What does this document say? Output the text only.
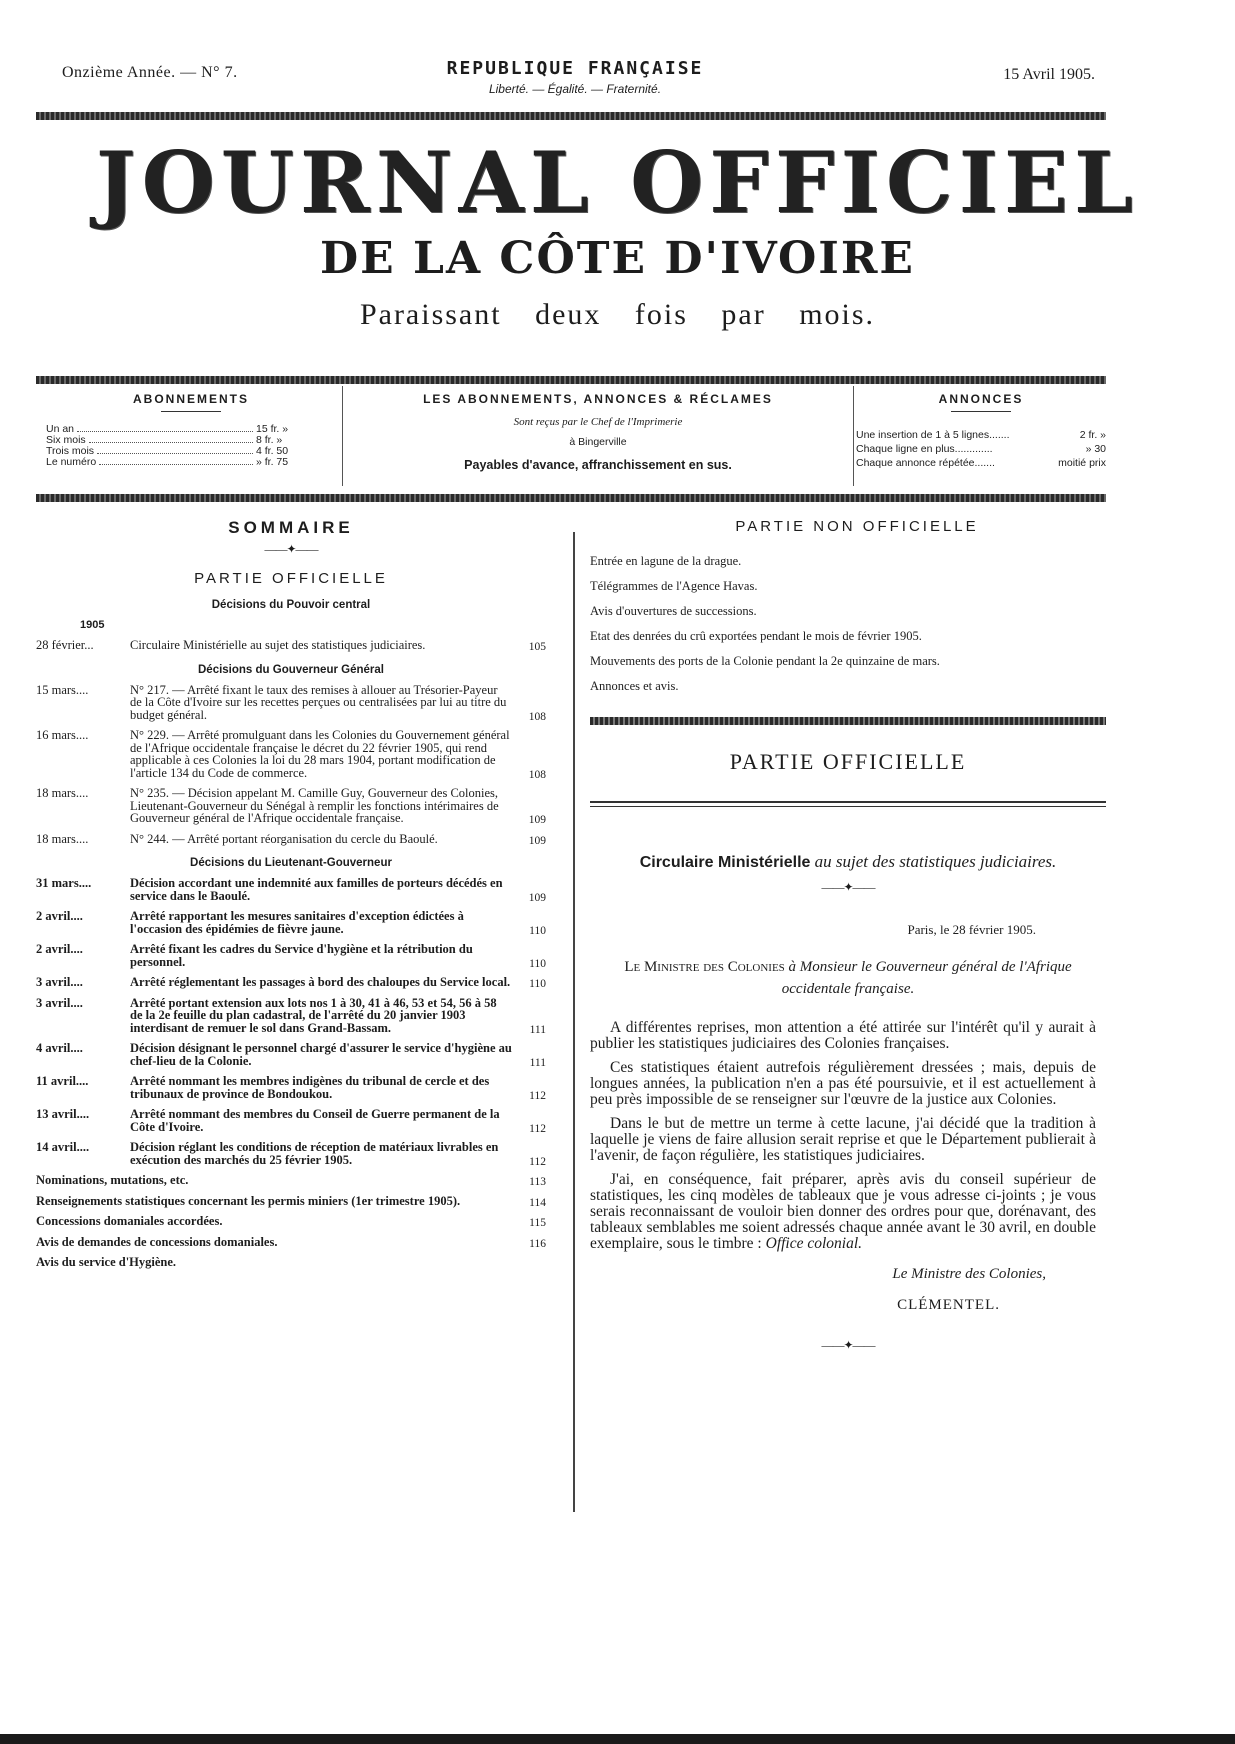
Onzième Année. — N° 7.	REPUBLIQUE FRANÇAISE
Liberté. — Égalité. — Fraternité.
15 Avril 1905.
JOURNAL OFFICIEL
DE LA CÔTE D'IVOIRE
Paraissant deux fois par mois.
ABONNEMENTS
Un an	15 fr. »
Six mois	8 fr. »
Trois mois	4 fr. 50
Le numéro	» fr. 75
LES ABONNEMENTS, ANNONCES & RÉCLAMES
Sont reçus par le Chef de l'Imprimerie
à Bingerville
Payables d'avance, affranchissement en sus.
ANNONCES
Une insertion de 1 à 5 lignes.......	2 fr. »
Chaque ligne en plus.............	» 30
Chaque annonce répétée.......	moitié prix
SOMMAIRE
——✦——
PARTIE OFFICIELLE
Décisions du Pouvoir central
1905
28 février...	Circulaire Ministérielle au sujet des statistiques judiciaires.	105
Décisions du Gouverneur Général
15 mars....	N° 217. — Arrêté fixant le taux des remises à allouer au Trésorier-Payeur de la Côte d'Ivoire sur les recettes perçues ou centralisées par lui au titre du budget général.	108
16 mars....	N° 229. — Arrêté promulguant dans les Colonies du Gouvernement général de l'Afrique occidentale française le décret du 22 février 1905, qui rend applicable à ces Colonies la loi du 28 mars 1904, portant modification de l'article 134 du Code de commerce.	108
18 mars....	N° 235. — Décision appelant M. Camille Guy, Gouverneur des Colonies, Lieutenant-Gouverneur du Sénégal à remplir les fonctions intérimaires de Gouverneur général de l'Afrique occidentale française.	109
18 mars....	N° 244. — Arrêté portant réorganisation du cercle du Baoulé.	109
Décisions du Lieutenant-Gouverneur
31 mars....	Décision accordant une indemnité aux familles de porteurs décédés en service dans le Baoulé.	109
2 avril....	Arrêté rapportant les mesures sanitaires d'exception édictées à l'occasion des épidémies de fièvre jaune.	110
2 avril....	Arrêté fixant les cadres du Service d'hygiène et la rétribution du personnel.	110
3 avril....	Arrêté réglementant les passages à bord des chaloupes du Service local.	110
3 avril....	Arrêté portant extension aux lots nos 1 à 30, 41 à 46, 53 et 54, 56 à 58 de la 2e feuille du plan cadastral, de l'arrêté du 20 janvier 1903 interdisant de remuer le sol dans Grand-Bassam.	111
4 avril....	Décision désignant le personnel chargé d'assurer le service d'hygiène au chef-lieu de la Colonie.	111
11 avril....	Arrêté nommant les membres indigènes du tribunal de cercle et des tribunaux de province de Bondoukou.	112
13 avril....	Arrêté nommant des membres du Conseil de Guerre permanent de la Côte d'Ivoire.	112
14 avril....	Décision réglant les conditions de réception de matériaux livrables en exécution des marchés du 25 février 1905.	112
Nominations, mutations, etc.	113
Renseignements statistiques concernant les permis miniers (1er trimestre 1905).	114
Concessions domaniales accordées.	115
Avis de demandes de concessions domaniales.	116
Avis du service d'Hygiène.
PARTIE NON OFFICIELLE
Entrée en lagune de la drague.
Télégrammes de l'Agence Havas.
Avis d'ouvertures de successions.
Etat des denrées du crû exportées pendant le mois de février 1905.
Mouvements des ports de la Colonie pendant la 2e quinzaine de mars.
Annonces et avis.
PARTIE OFFICIELLE
Circulaire Ministérielle au sujet des statistiques judiciaires.
——✦——
Paris, le 28 février 1905.
Le Ministre des Colonies à Monsieur le Gouverneur général de l'Afrique occidentale française.

A différentes reprises, mon attention a été attirée sur l'intérêt qu'il y aurait à publier les statistiques judiciaires des Colonies françaises.

Ces statistiques étaient autrefois régulièrement dressées ; mais, depuis de longues années, la publication n'en a pas été poursuivie, et il est actuellement à peu près impossible de se renseigner sur l'œuvre de la justice aux Colonies.

Dans le but de mettre un terme à cette lacune, j'ai décidé que la tradition à laquelle je viens de faire allusion serait reprise et que le Département publierait à l'avenir, de façon régulière, les statistiques judiciaires.

J'ai, en conséquence, fait préparer, après avis du conseil supérieur de statistiques, les cinq modèles de tableaux que je vous adresse ci-joints ; je vous serais reconnaissant de vouloir bien donner des ordres pour que, dorénavant, des tableaux semblables me soient adressés chaque année avant le 30 avril, en double exemplaire, sous le timbre : Office colonial.

Le Ministre des Colonies,
CLÉMENTEL.
——✦——
